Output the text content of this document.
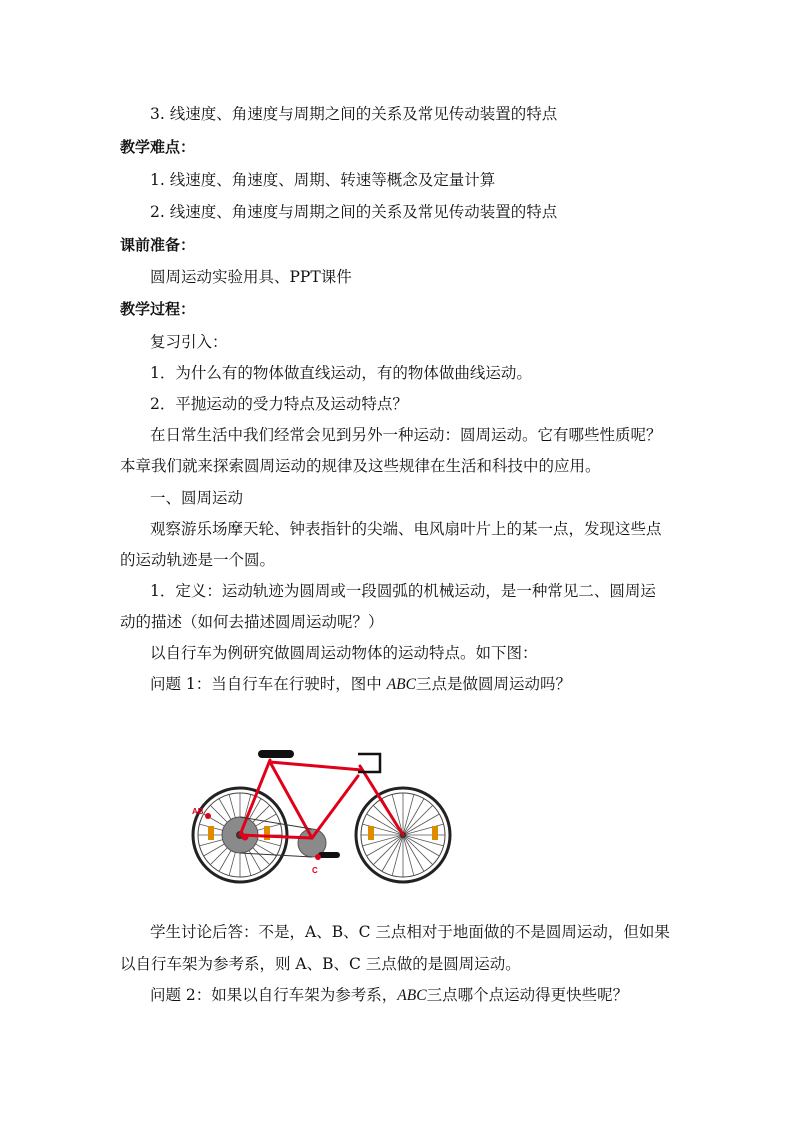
3. 线速度、角速度与周期之间的关系及常见传动装置的特点
教学难点：
1. 线速度、角速度、周期、转速等概念及定量计算
2. 线速度、角速度与周期之间的关系及常见传动装置的特点
课前准备：
圆周运动实验用具、PPT课件
教学过程：
复习引入：
1．为什么有的物体做直线运动，有的物体做曲线运动。
2．平抛运动的受力特点及运动特点？
在日常生活中我们经常会见到另外一种运动：圆周运动。它有哪些性质呢？
本章我们就来探索圆周运动的规律及这些规律在生活和科技中的应用。
一、圆周运动
观察游乐场摩天轮、钟表指针的尖端、电风扇叶片上的某一点，发现这些点
的运动轨迹是一个圆。
1．定义：运动轨迹为圆周或一段圆弧的机械运动，是一种常见二、圆周运
动的描述（如何去描述圆周运动呢？）
以自行车为例研究做圆周运动物体的运动特点。如下图：
问题 1：当自行车在行驶时，图中 ABC三点是做圆周运动吗？
AB
C
学生讨论后答：不是，A、B、C 三点相对于地面做的不是圆周运动，但如果
以自行车架为参考系，则 A、B、C 三点做的是圆周运动。
问题 2：如果以自行车架为参考系，ABC三点哪个点运动得更快些呢？
